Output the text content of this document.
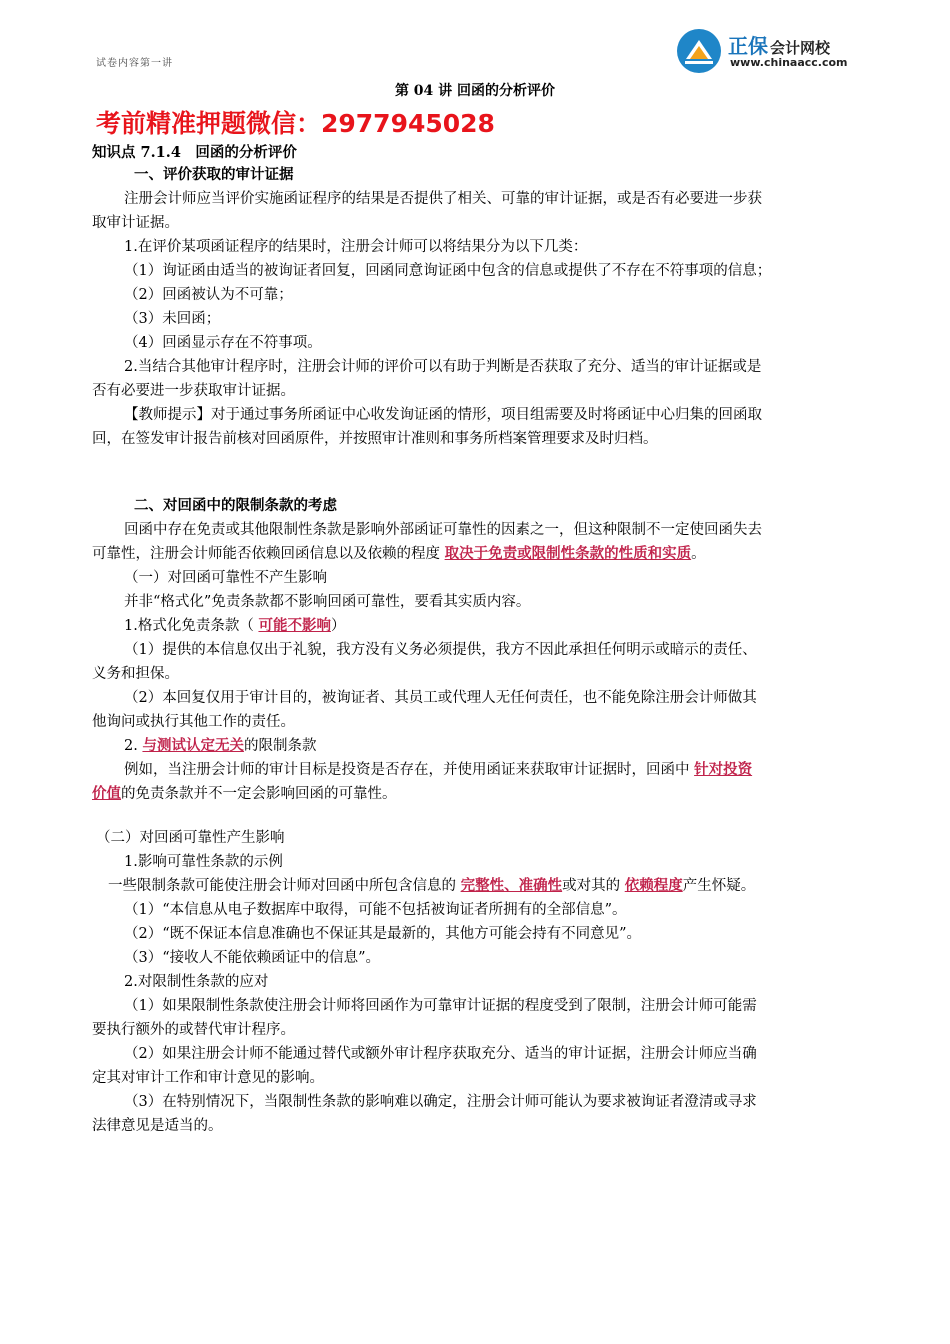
试卷内容第一讲
正保 会计网校
www.chinaacc.com
第 04 讲 回函的分析评价
考前精准押题微信：2977945028
知识点 7.1.4　回函的分析评价
一、评价获取的审计证据
注册会计师应当评价实施函证程序的结果是否提供了相关、可靠的审计证据，或是否有必要进一步获
取审计证据。
1.在评价某项函证程序的结果时，注册会计师可以将结果分为以下几类：
（1）询证函由适当的被询证者回复，回函同意询证函中包含的信息或提供了不存在不符事项的信息；
（2）回函被认为不可靠；
（3）未回函；
（4）回函显示存在不符事项。
2.当结合其他审计程序时，注册会计师的评价可以有助于判断是否获取了充分、适当的审计证据或是
否有必要进一步获取审计证据。
【教师提示】对于通过事务所函证中心收发询证函的情形，项目组需要及时将函证中心归集的回函取
回，在签发审计报告前核对回函原件，并按照审计准则和事务所档案管理要求及时归档。
二、对回函中的限制条款的考虑
回函中存在免责或其他限制性条款是影响外部函证可靠性的因素之一，但这种限制不一定使回函失去
可靠性，注册会计师能否依赖回函信息以及依赖的程度 取决于免责或限制性条款的性质和实质。
（一）对回函可靠性不产生影响
并非“格式化”免责条款都不影响回函可靠性，要看其实质内容。
1.格式化免责条款（ 可能不影响）
（1）提供的本信息仅出于礼貌，我方没有义务必须提供，我方不因此承担任何明示或暗示的责任、
义务和担保。
（2）本回复仅用于审计目的，被询证者、其员工或代理人无任何责任，也不能免除注册会计师做其
他询问或执行其他工作的责任。
2. 与测试认定无关的限制条款
例如，当注册会计师的审计目标是投资是否存在，并使用函证来获取审计证据时，回函中 针对投资
价值的免责条款并不一定会影响回函的可靠性。
（二）对回函可靠性产生影响
1.影响可靠性条款的示例
一些限制条款可能使注册会计师对回函中所包含信息的 完整性、准确性或对其的 依赖程度产生怀疑。
（1）“本信息从电子数据库中取得，可能不包括被询证者所拥有的全部信息”。
（2）“既不保证本信息准确也不保证其是最新的，其他方可能会持有不同意见”。
（3）“接收人不能依赖函证中的信息”。
2.对限制性条款的应对
（1）如果限制性条款使注册会计师将回函作为可靠审计证据的程度受到了限制，注册会计师可能需
要执行额外的或替代审计程序。
（2）如果注册会计师不能通过替代或额外审计程序获取充分、适当的审计证据，注册会计师应当确
定其对审计工作和审计意见的影响。
（3）在特别情况下，当限制性条款的影响难以确定，注册会计师可能认为要求被询证者澄清或寻求
法律意见是适当的。
